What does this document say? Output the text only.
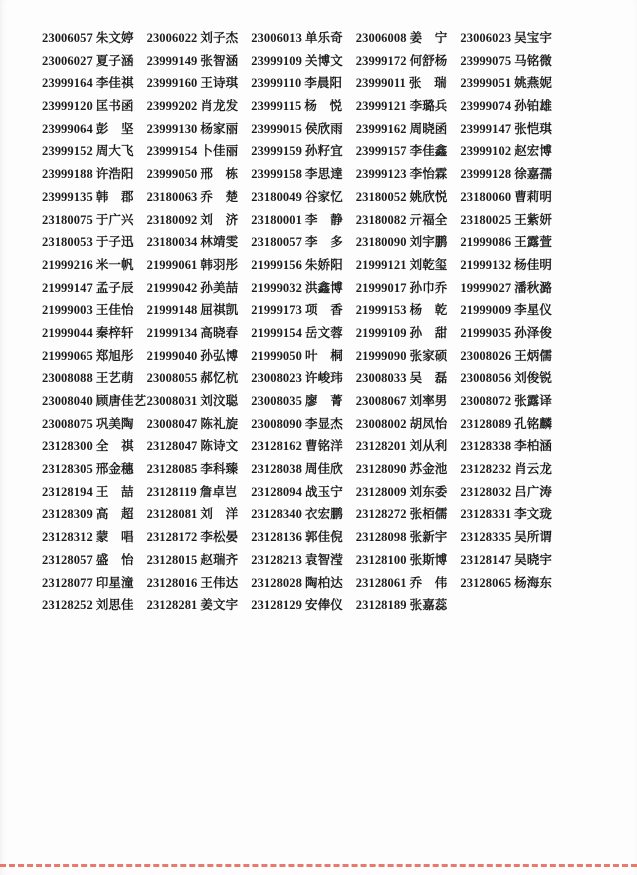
23006057 朱文婷	23006022 刘子杰	23006013 单乐奇	23006008 姜　宁	23006023 吴宝宇
23006027 夏子涵	23999149 张智涵	23999109 关博文	23999172 何舒杨	23999075 马铭微
23999164 李佳祺	23999160 王诗琪	23999110 李晨阳	23999011 张　瑞	23999051 姚燕妮
23999120 匡书函	23999202 肖龙发	23999115 杨　悦	23999121 李璐兵	23999074 孙铂雄
23999064 彭　坚	23999130 杨家丽	23999015 侯欣雨	23999162 周晓函	23999147 张恺琪
23999152 周大飞	23999154 卜佳丽	23999159 孙籽宜	23999157 李佳鑫	23999102 赵宏博
23999188 许浩阳	23999050 邢　栋	23999158 李思達	23999123 李怡霖	23999128 徐嘉孺
23999135 韩　郡	23180063 乔　楚	23180049 谷家忆	23180052 姚欣悦	23180060 曹莉明
23180075 于广兴	23180092 刘　济	23180001 李　静	23180082 亓福全	23180025 王紫妍
23180053 于子迅	23180034 林靖雯	23180057 李　多	23180090 刘宇鹏	21999086 王露萱
21999216 米一帆	21999061 韩羽彤	21999156 朱娇阳	21999121 刘乾玺	21999132 杨佳明
21999147 孟子辰	21999042 孙美喆	21999032 洪鑫博	21999017 孙巾乔	19999027 潘秋潞
21999003 王佳怡	21999148 屈祺凯	21999173 项　香	21999153 杨　乾	21999009 李星仪
21999044 秦梓轩	21999134 高晓春	21999154 岳文蓉	21999109 孙　甜	21999035 孙泽俊
21999065 郑旭彤	21999040 孙弘博	21999050 叶　桐	21999090 张家硕	23008026 王炳儒
23008088 王艺萌	23008055 郝忆杭	23008023 许峻玮	23008033 吴　磊	23008056 刘俊锐
23008040 顾唐佳艺 23008031 刘汶聪	23008035 廖　菁	23008067 刘率男	23008072 张露译
23008075 巩美陶	23008047 陈礼旋	23008090 李显杰	23008002 胡凤怡	23128089 孔铭麟
23128300 全　祺	23128047 陈诗文	23128162 曹铭洋	23128201 刘从利	23128338 李柏涵
23128305 邢金穗	23128085 李科臻	23128038 周佳欣	23128090 苏金池	23128232 肖云龙
23128194 王　喆	23128119 詹卓岂	23128094 战玉宁	23128009 刘东委	23128032 吕广涛
23128309 高　超	23128081 刘　洋	23128340 衣宏鹏	23128272 张栢儒	23128331 李文珑
23128312 蒙　唱	23128172 李松晏	23128136 郭佳倪	23128098 张新宇	23128335 吴所谓
23128057 盛　怡	23128015 赵瑞齐	23128213 袁智滢	23128100 张斯博	23128147 吴晓宇
23128077 印星潼	23128016 王伟达	23128028 陶柏达	23128061 乔　伟	23128065 杨海东
23128252 刘思佳	23128281 姜文宇	23128129 安俸仪	23128189 张嘉蕊
